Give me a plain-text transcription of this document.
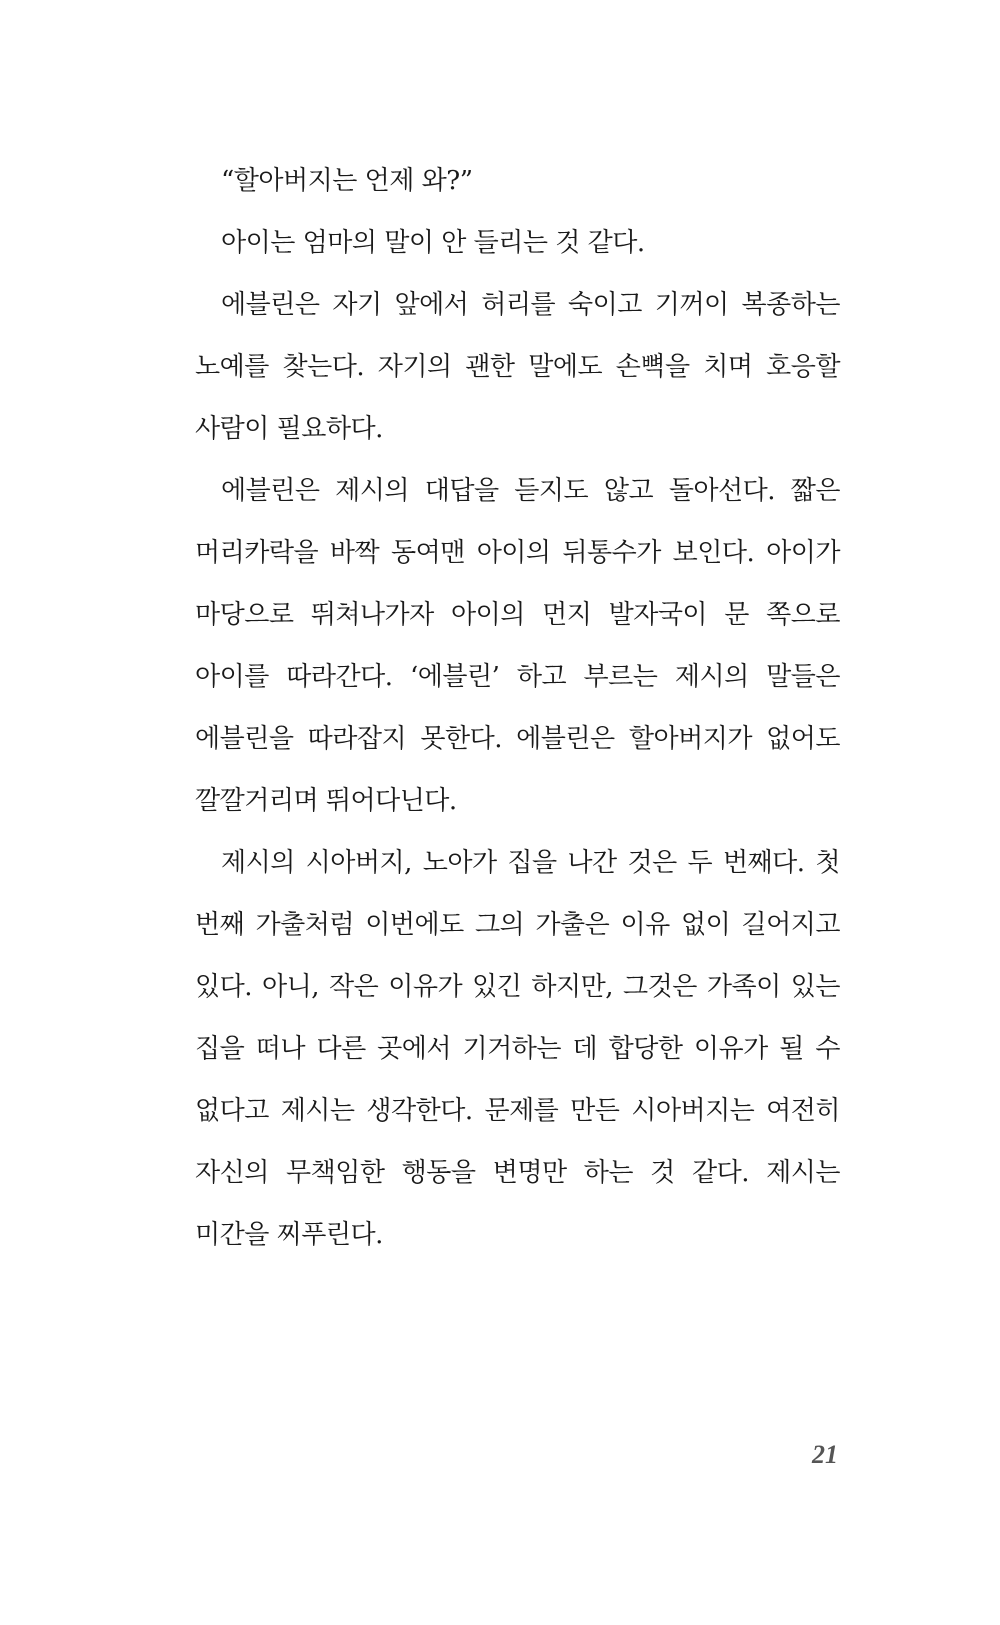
“할아버지는 언제 와?”

아이는 엄마의 말이 안 들리는 것 같다.

에블린은 자기 앞에서 허리를 숙이고 기꺼이 복종하는 노예를 찾는다. 자기의 괜한 말에도 손뼉을 치며 호응할 사람이 필요하다.

에블린은 제시의 대답을 듣지도 않고 돌아선다. 짧은 머리카락을 바짝 동여맨 아이의 뒤통수가 보인다. 아이가 마당으로 뛰쳐나가자 아이의 먼지 발자국이 문 쪽으로 아이를 따라간다. ‘에블린’ 하고 부르는 제시의 말들은 에블린을 따라잡지 못한다. 에블린은 할아버지가 없어도 깔깔거리며 뛰어다닌다.

제시의 시아버지, 노아가 집을 나간 것은 두 번째다. 첫 번째 가출처럼 이번에도 그의 가출은 이유 없이 길어지고 있다. 아니, 작은 이유가 있긴 하지만, 그것은 가족이 있는 집을 떠나 다른 곳에서 기거하는 데 합당한 이유가 될 수 없다고 제시는 생각한다. 문제를 만든 시아버지는 여전히 자신의 무책임한 행동을 변명만 하는 것 같다. 제시는 미간을 찌푸린다.

21
